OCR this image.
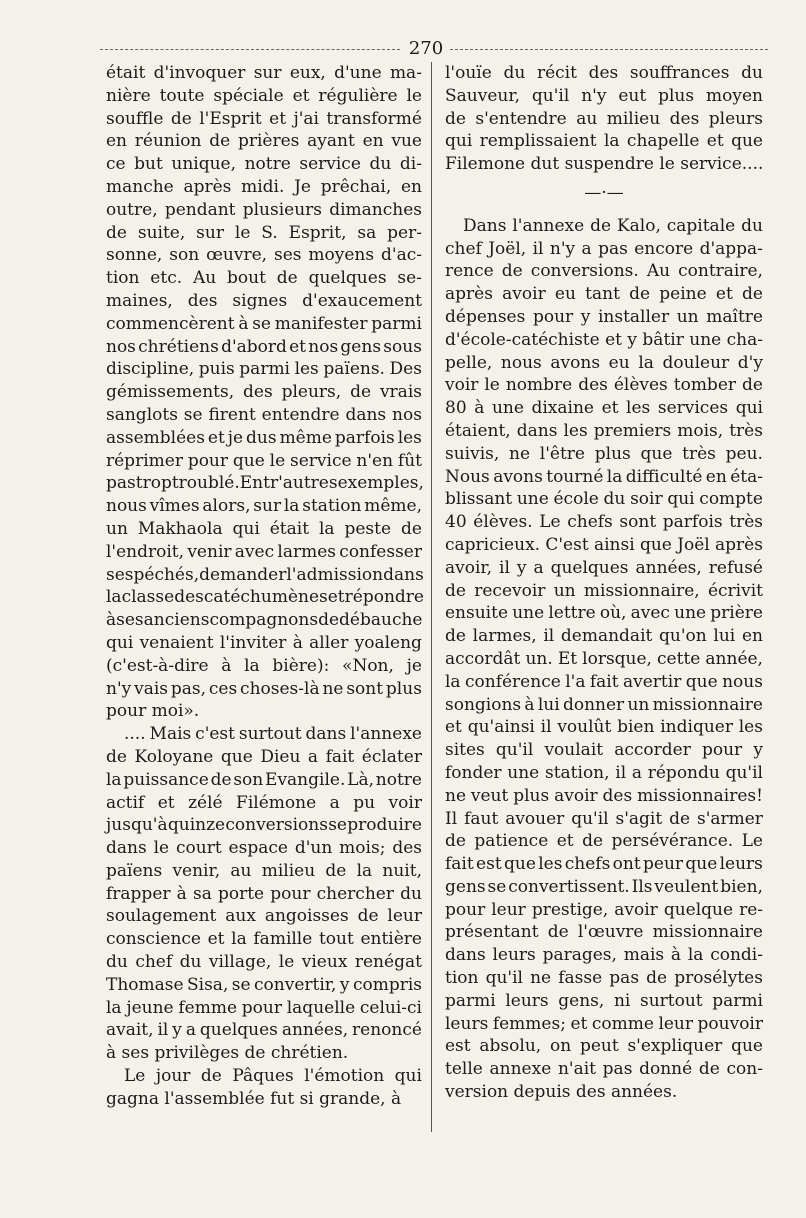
270
était d'invoquer sur eux, d'une ma-
nière toute spéciale et régulière le
souffle de l'Esprit et j'ai transformé
en réunion de prières ayant en vue
ce but unique, notre service du di-
manche après midi. Je prêchai, en
outre, pendant plusieurs dimanches
de suite, sur le S. Esprit, sa per-
sonne, son œuvre, ses moyens d'ac-
tion etc. Au bout de quelques se-
maines, des signes d'exaucement
commencèrent à se manifester parmi
nos chrétiens d'abord et nos gens sous
discipline, puis parmi les païens. Des
gémissements, des pleurs, de vrais
sanglots se firent entendre dans nos
assemblées et je dus même parfois les
réprimer pour que le service n'en fût
pas trop troublé. Entr'autres exemples,
nous vîmes alors, sur la station même,
un Makhaola qui était la peste de
l'endroit, venir avec larmes confesser
ses péchés, demander l'admission dans
la classe des catéchumènes et répondre
à ses anciens compagnons de débauche
qui venaient l'inviter à aller yoaleng
(c'est-à-dire à la bière): «Non, je
n'y vais pas, ces choses-là ne sont plus
pour moi».
.... Mais c'est surtout dans l'annexe
de Koloyane que Dieu a fait éclater
la puissance de son Evangile. Là, notre
actif et zélé Filémone a pu voir
jusqu'à quinze conversions se produire
dans le court espace d'un mois; des
païens venir, au milieu de la nuit,
frapper à sa porte pour chercher du
soulagement aux angoisses de leur
conscience et la famille tout entière
du chef du village, le vieux renégat
Thomase Sisa, se convertir, y compris
la jeune femme pour laquelle celui-ci
avait, il y a quelques années, renoncé
à ses privilèges de chrétien.
Le jour de Pâques l'émotion qui
gagna l'assemblée fut si grande, à
l'ouïe du récit des souffrances du
Sauveur, qu'il n'y eut plus moyen
de s'entendre au milieu des pleurs
qui remplissaient la chapelle et que
Filemone dut suspendre le service....
—·—
Dans l'annexe de Kalo, capitale du
chef Joël, il n'y a pas encore d'appa-
rence de conversions. Au contraire,
après avoir eu tant de peine et de
dépenses pour y installer un maître
d'école-catéchiste et y bâtir une cha-
pelle, nous avons eu la douleur d'y
voir le nombre des élèves tomber de
80 à une dixaine et les services qui
étaient, dans les premiers mois, très
suivis, ne l'être plus que très peu.
Nous avons tourné la difficulté en éta-
blissant une école du soir qui compte
40 élèves. Le chefs sont parfois très
capricieux. C'est ainsi que Joël après
avoir, il y a quelques années, refusé
de recevoir un missionnaire, écrivit
ensuite une lettre où, avec une prière
de larmes, il demandait qu'on lui en
accordât un. Et lorsque, cette année,
la conférence l'a fait avertir que nous
songions à lui donner un missionnaire
et qu'ainsi il voulût bien indiquer les
sites qu'il voulait accorder pour y
fonder une station, il a répondu qu'il
ne veut plus avoir des missionnaires!
Il faut avouer qu'il s'agit de s'armer
de patience et de persévérance. Le
fait est que les chefs ont peur que leurs
gens se convertissent. Ils veulent bien,
pour leur prestige, avoir quelque re-
présentant de l'œuvre missionnaire
dans leurs parages, mais à la condi-
tion qu'il ne fasse pas de prosélytes
parmi leurs gens, ni surtout parmi
leurs femmes; et comme leur pouvoir
est absolu, on peut s'expliquer que
telle annexe n'ait pas donné de con-
version depuis des années.
